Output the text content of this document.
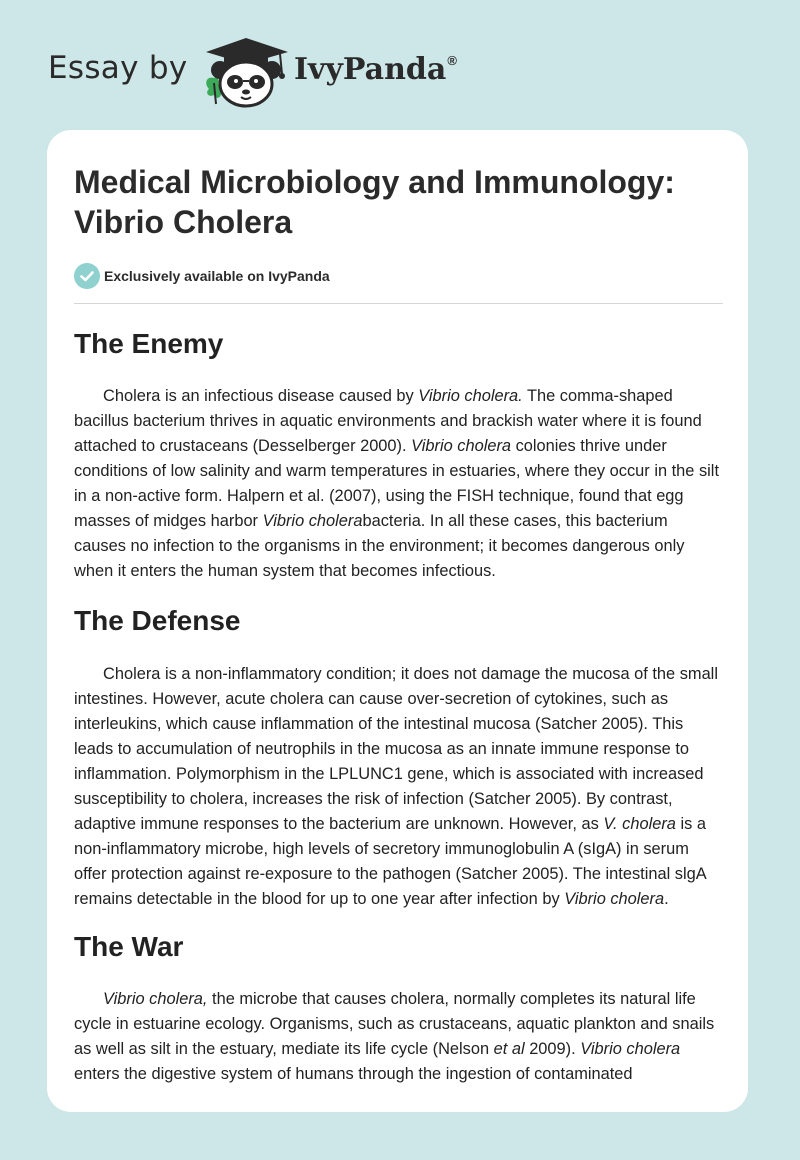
Essay by	IvyPanda®
Medical Microbiology and Immunology: Vibrio Cholera
Exclusively available on IvyPanda
The Enemy

Cholera is an infectious disease caused by Vibrio cholera. The comma-shaped bacillus bacterium thrives in aquatic environments and brackish water where it is found attached to crustaceans (Desselberger 2000). Vibrio cholera colonies thrive under conditions of low salinity and warm temperatures in estuaries, where they occur in the silt in a non-active form. Halpern et al. (2007), using the FISH technique, found that egg masses of midges harbor Vibrio cholerabacteria. In all these cases, this bacterium causes no infection to the organisms in the environment; it becomes dangerous only when it enters the human system that becomes infectious.

The Defense

Cholera is a non-inflammatory condition; it does not damage the mucosa of the small intestines. However, acute cholera can cause over-secretion of cytokines, such as interleukins, which cause inflammation of the intestinal mucosa (Satcher 2005). This leads to accumulation of neutrophils in the mucosa as an innate immune response to inflammation. Polymorphism in the LPLUNC1 gene, which is associated with increased susceptibility to cholera, increases the risk of infection (Satcher 2005). By contrast, adaptive immune responses to the bacterium are unknown. However, as V. cholera is a non-inflammatory microbe, high levels of secretory immunoglobulin A (sIgA) in serum offer protection against re-exposure to the pathogen (Satcher 2005). The intestinal slgA remains detectable in the blood for up to one year after infection by Vibrio cholera.

The War

Vibrio cholera, the microbe that causes cholera, normally completes its natural life cycle in estuarine ecology. Organisms, such as crustaceans, aquatic plankton and snails as well as silt in the estuary, mediate its life cycle (Nelson et al 2009). Vibrio cholera enters the digestive system of humans through the ingestion of contaminated
